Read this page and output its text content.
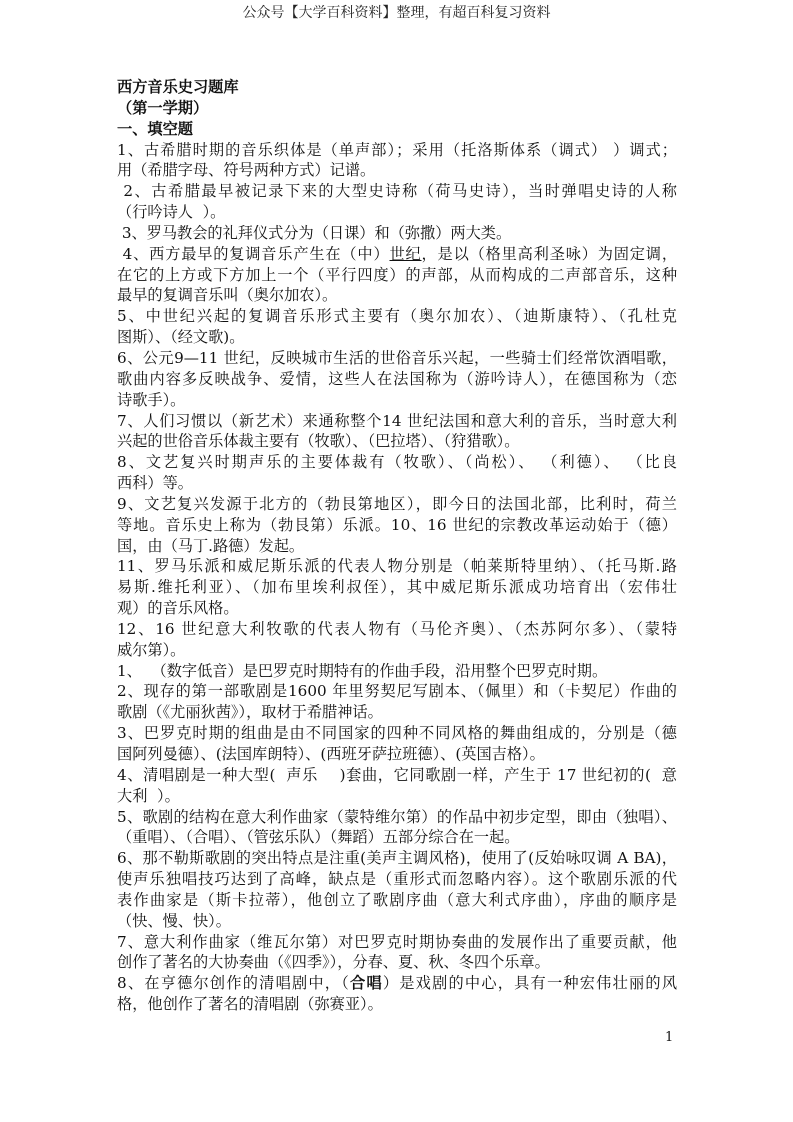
公众号【大学百科资料】整理，有超百科复习资料
西方音乐史习题库
（第一学期）
一、填空题
1、古希腊时期的音乐织体是（单声部）；采用（托洛斯体系（调式） ）调式；
用（希腊字母、符号两种方式）记谱。
2、古希腊最早被记录下来的大型史诗称（荷马史诗），当时弹唱史诗的人称
（行吟诗人  ）。
3、罗马教会的礼拜仪式分为（日课）和（弥撒）两大类。
4、西方最早的复调音乐产生在（中）世纪，是以（格里高利圣咏）为固定调，
在它的上方或下方加上一个（平行四度）的声部，从而构成的二声部音乐，这种
最早的复调音乐叫（奥尔加农）。
5、中世纪兴起的复调音乐形式主要有（奥尔加农）、（迪斯康特）、（孔杜克
图斯）、（经文歌)。
6、公元9—11 世纪，反映城市生活的世俗音乐兴起，一些骑士们经常饮酒唱歌，
歌曲内容多反映战争、爱情，这些人在法国称为（游吟诗人），在德国称为（恋
诗歌手）。
7、人们习惯以（新艺术）来通称整个14 世纪法国和意大利的音乐，当时意大利
兴起的世俗音乐体裁主要有（牧歌）、（巴拉塔）、（狩猎歌）。
8、文艺复兴时期声乐的主要体裁有（牧歌）、（尚松）、 （利德）、 （比良
西科）等。
9、文艺复兴发源于北方的（勃艮第地区），即今日的法国北部，比利时，荷兰
等地。音乐史上称为（勃艮第）乐派。10、16 世纪的宗教改革运动始于（德）
国，由（马丁.路德）发起。
11、罗马乐派和威尼斯乐派的代表人物分别是（帕莱斯特里纳）、（托马斯.路
易斯.维托利亚）、（加布里埃利叔侄），其中威尼斯乐派成功培育出（宏伟壮
观）的音乐风格。
12、16 世纪意大利牧歌的代表人物有（马伦齐奥）、（杰苏阿尔多）、（蒙特
威尔第）。
1、  （数字低音）是巴罗克时期特有的作曲手段，沿用整个巴罗克时期。
2、现存的第一部歌剧是1600 年里努契尼写剧本、（佩里）和（卡契尼）作曲的
歌剧（《尤丽狄茜》），取材于希腊神话。
3、巴罗克时期的组曲是由不同国家的四种不同风格的舞曲组成的，分别是（德
国阿列曼德）、(法国库朗特）、(西班牙萨拉班德）、(英国吉格）。
4、清唱剧是一种大型(  声乐    )套曲，它同歌剧一样，产生于 17 世纪初的(  意
大利  ）。
5、歌剧的结构在意大利作曲家（蒙特维尔第）的作品中初步定型，即由（独唱）、
（重唱）、（合唱）、（管弦乐队）（舞蹈）五部分综合在一起。
6、那不勒斯歌剧的突出特点是注重(美声主调风格)，使用了(反始咏叹调 A BA)，
使声乐独唱技巧达到了高峰，缺点是（重形式而忽略内容）。这个歌剧乐派的代
表作曲家是（斯卡拉蒂），他创立了歌剧序曲（意大利式序曲），序曲的顺序是
（快、慢、快）。
7、意大利作曲家（维瓦尔第）对巴罗克时期协奏曲的发展作出了重要贡献，他
创作了著名的大协奏曲（《四季》），分春、夏、秋、冬四个乐章。
8、在亨德尔创作的清唱剧中，（合唱）是戏剧的中心，具有一种宏伟壮丽的风
格，他创作了著名的清唱剧（弥赛亚）。
1
